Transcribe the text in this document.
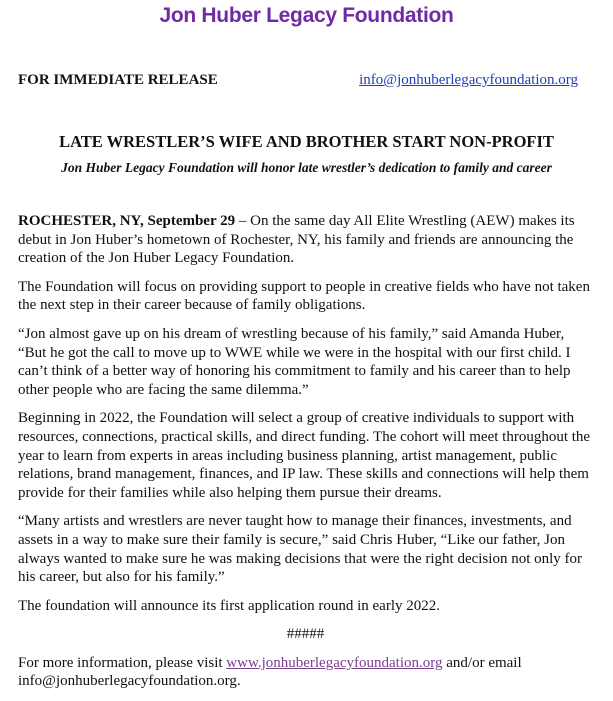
Jon Huber Legacy Foundation
FOR IMMEDIATE RELEASE	info@jonhuberlegacyfoundation.org
LATE WRESTLER’S WIFE AND BROTHER START NON-PROFIT
Jon Huber Legacy Foundation will honor late wrestler’s dedication to family and career

ROCHESTER, NY, September 29 – On the same day All Elite Wrestling (AEW) makes its debut in Jon Huber’s hometown of Rochester, NY, his family and friends are announcing the creation of the Jon Huber Legacy Foundation.

The Foundation will focus on providing support to people in creative fields who have not taken the next step in their career because of family obligations.

“Jon almost gave up on his dream of wrestling because of his family,” said Amanda Huber, “But he got the call to move up to WWE while we were in the hospital with our first child. I can’t think of a better way of honoring his commitment to family and his career than to help other people who are facing the same dilemma.”

Beginning in 2022, the Foundation will select a group of creative individuals to support with resources, connections, practical skills, and direct funding. The cohort will meet throughout the year to learn from experts in areas including business planning, artist management, public relations, brand management, finances, and IP law. These skills and connections will help them provide for their families while also helping them pursue their dreams.

“Many artists and wrestlers are never taught how to manage their finances, investments, and assets in a way to make sure their family is secure,” said Chris Huber, “Like our father, Jon always wanted to make sure he was making decisions that were the right decision not only for his career, but also for his family.”

The foundation will announce its first application round in early 2022.

#####

For more information, please visit www.jonhuberlegacyfoundation.org and/or email info@jonhuberlegacyfoundation.org.
